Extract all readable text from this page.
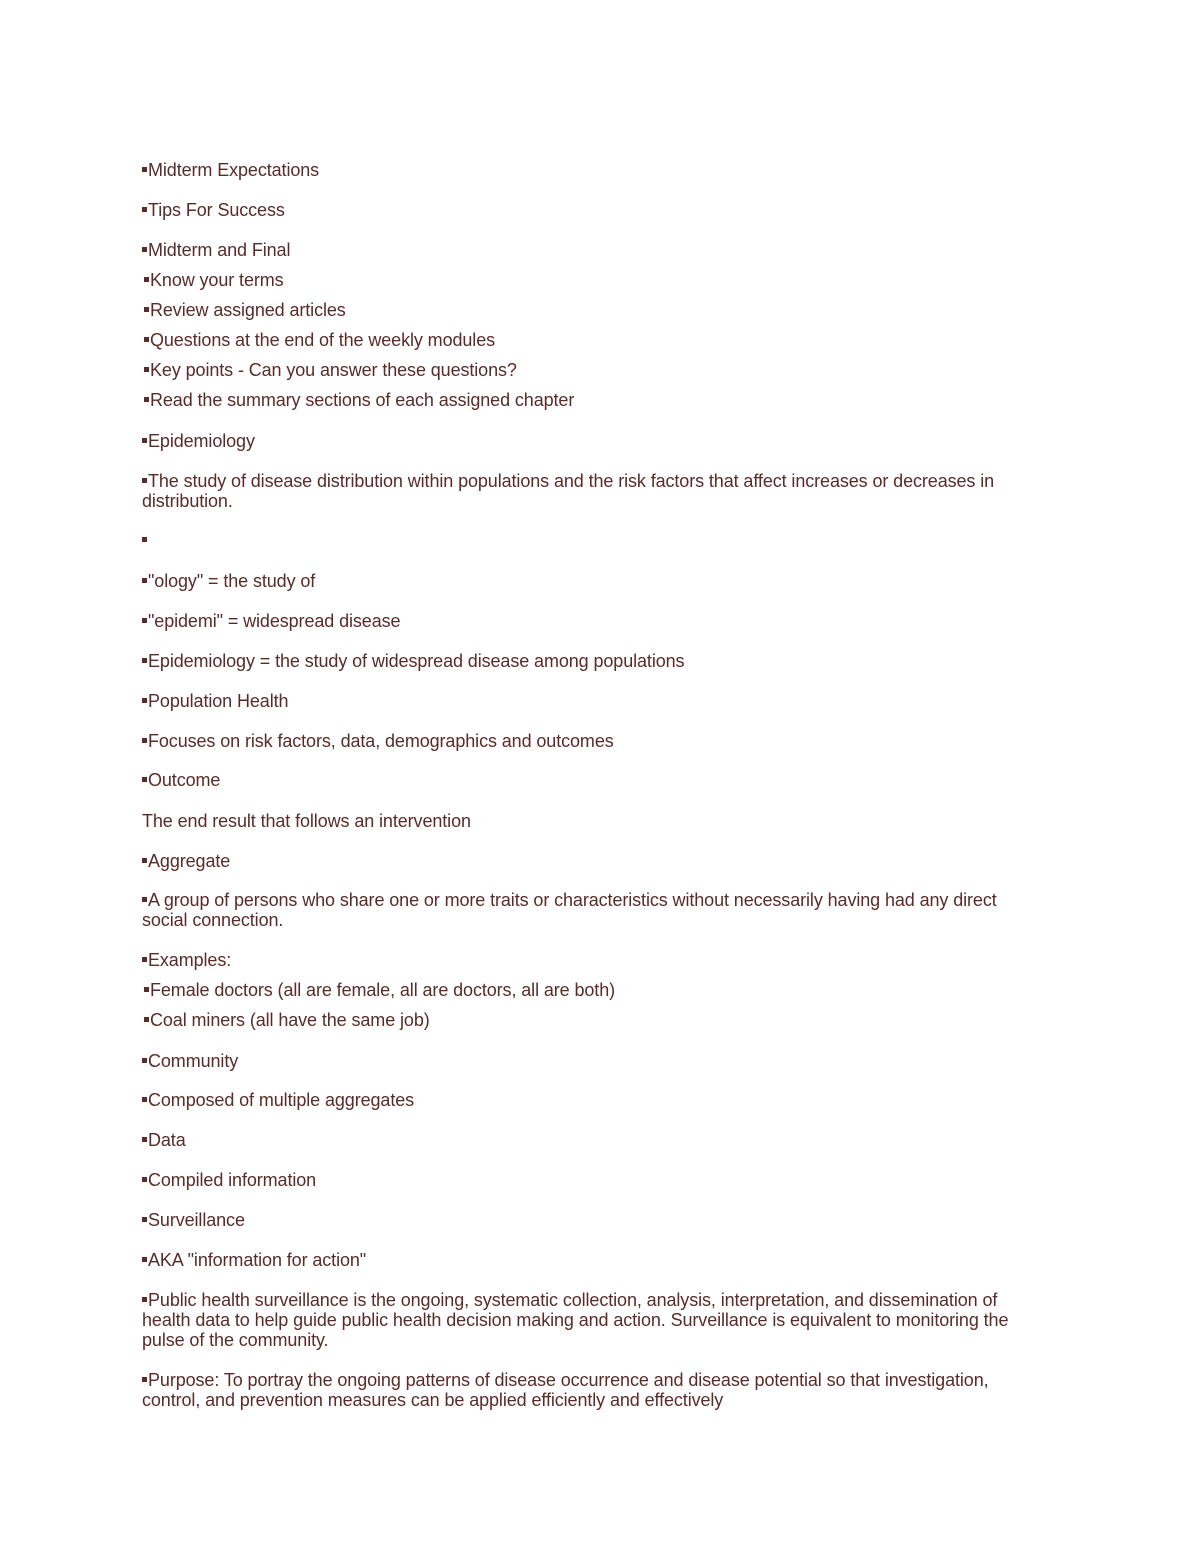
Midterm Expectations
Tips For Success
Midterm and Final
Know your terms
Review assigned articles
Questions at the end of the weekly modules
Key points - Can you answer these questions?
Read the summary sections of each assigned chapter
Epidemiology
The study of disease distribution within populations and the risk factors that affect increases or decreases in distribution.
"ology" = the study of
"epidemi" = widespread disease
Epidemiology = the study of widespread disease among populations
Population Health
Focuses on risk factors, data, demographics and outcomes
Outcome
The end result that follows an intervention
Aggregate
A group of persons who share one or more traits or characteristics without necessarily having had any direct social connection.
Examples:
Female doctors (all are female, all are doctors, all are both)
Coal miners (all have the same job)
Community
Composed of multiple aggregates
Data
Compiled information
Surveillance
AKA "information for action"
Public health surveillance is the ongoing, systematic collection, analysis, interpretation, and dissemination of health data to help guide public health decision making and action. Surveillance is equivalent to monitoring the pulse of the community.
Purpose: To portray the ongoing patterns of disease occurrence and disease potential so that investigation, control, and prevention measures can be applied efficiently and effectively
